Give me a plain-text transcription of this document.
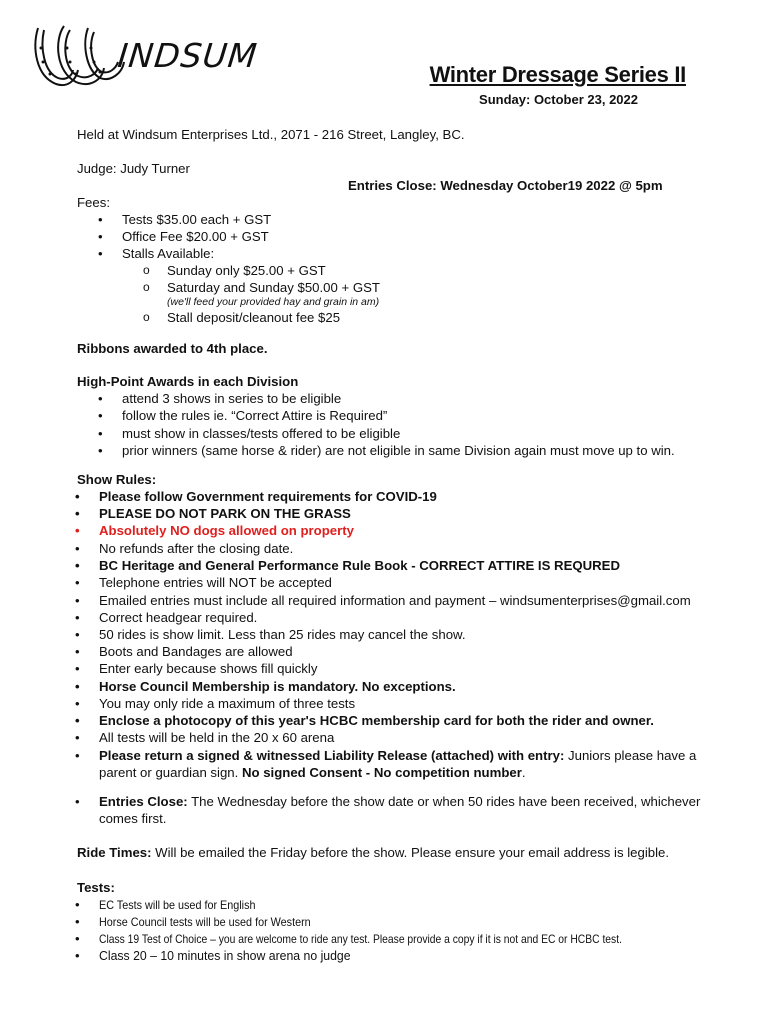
INDSUM	Winter Dressage Series II
Sunday: October 23, 2022
Held at Windsum Enterprises Ltd., 2071 - 216 Street, Langley, BC.
Judge: Judy Turner
Entries Close: Wednesday October19 2022 @ 5pm
Fees:
• Tests $35.00 each + GST
• Office Fee $20.00 + GST
• Stalls Available:
o Sunday only $25.00 + GST
o Saturday and Sunday $50.00 + GST
(we'll feed your provided hay and grain in am)
o Stall deposit/cleanout fee $25
Ribbons awarded to 4th place.
High-Point Awards in each Division
• attend 3 shows in series to be eligible
• follow the rules ie. “Correct Attire is Required”
• must show in classes/tests offered to be eligible
• prior winners (same horse & rider) are not eligible in same Division again must move up to win.
Show Rules:
• Please follow Government requirements for COVID-19
• PLEASE DO NOT PARK ON THE GRASS
• Absolutely NO dogs allowed on property
• No refunds after the closing date.
• BC Heritage and General Performance Rule Book - CORRECT ATTIRE IS REQURED
• Telephone entries will NOT be accepted
• Emailed entries must include all required information and payment – windsumenterprises@gmail.com
• Correct headgear required.
• 50 rides is show limit. Less than 25 rides may cancel the show.
• Boots and Bandages are allowed
• Enter early because shows fill quickly
• Horse Council Membership is mandatory. No exceptions.
• You may only ride a maximum of three tests
• Enclose a photocopy of this year's HCBC membership card for both the rider and owner.
• All tests will be held in the 20 x 60 arena
• Please return a signed & witnessed Liability Release (attached) with entry: Juniors please have a
parent or guardian sign. No signed Consent - No competition number.
• Entries Close: The Wednesday before the show date or when 50 rides have been received, whichever
comes first.
Ride Times: Will be emailed the Friday before the show. Please ensure your email address is legible.
Tests:
• EC Tests will be used for English
• Horse Council tests will be used for Western
• Class 19 Test of Choice – you are welcome to ride any test. Please provide a copy if it is not and EC or HCBC test.
• Class 20 – 10 minutes in show arena no judge
